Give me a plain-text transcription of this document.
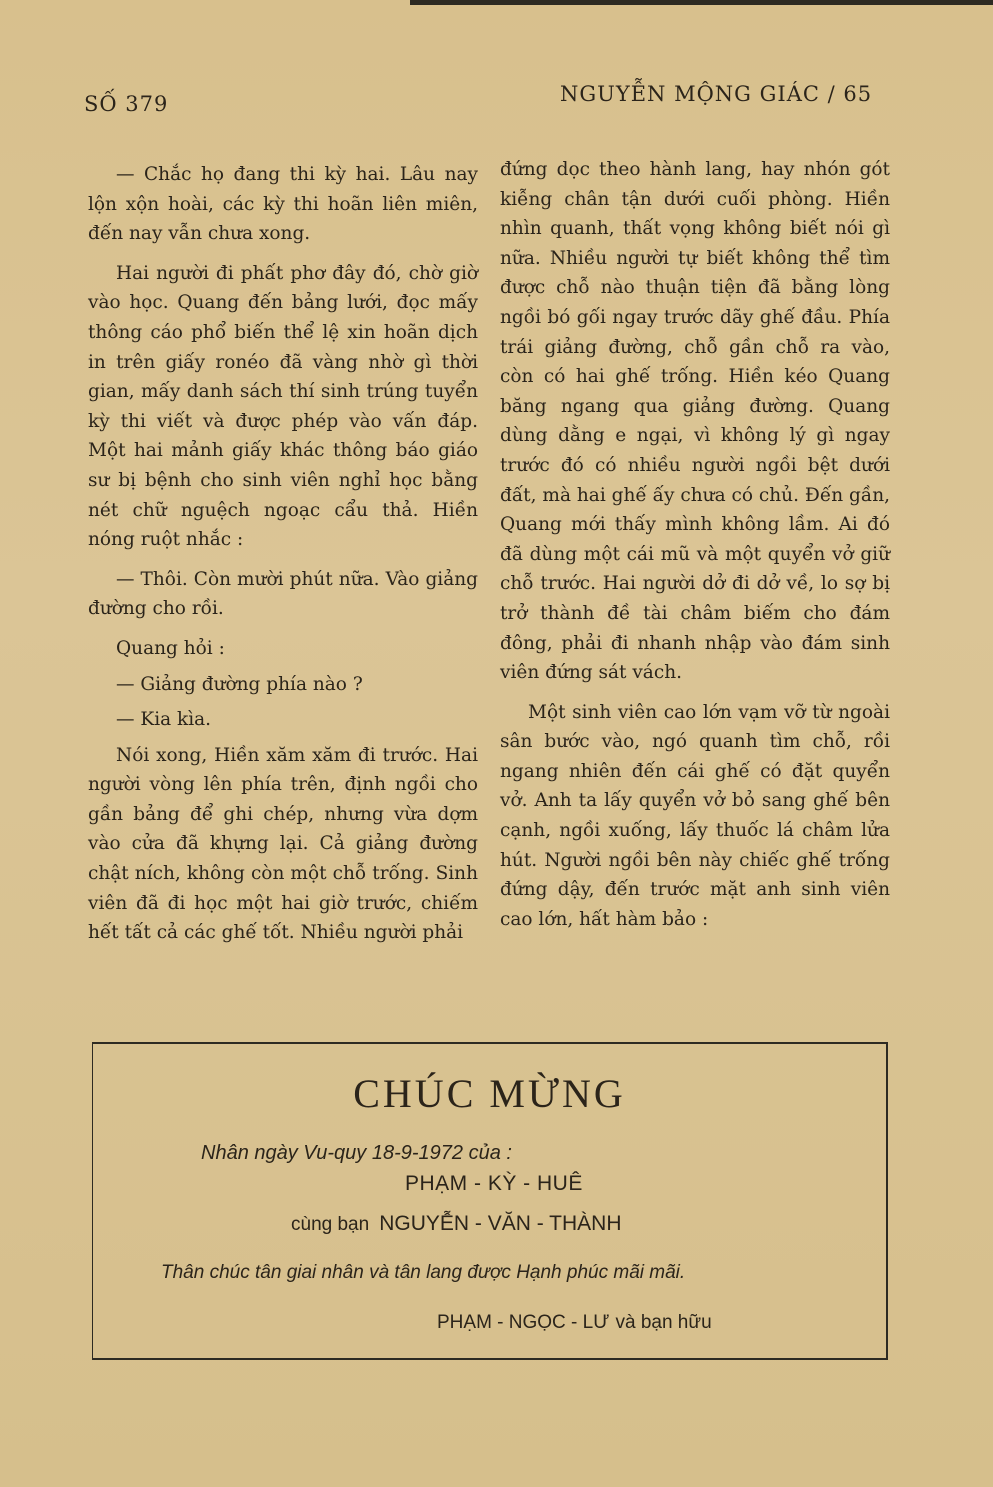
SỐ 379	NGUYỄN MỘNG GIÁC / 65

— Chắc họ đang thi kỳ hai. Lâu nay lộn xộn hoài, các kỳ thi hoãn liên miên, đến nay vẫn chưa xong.

Hai người đi phất phơ đây đó, chờ giờ vào học. Quang đến bảng lưới, đọc mấy thông cáo phổ biến thể lệ xin hoãn dịch in trên giấy ronéo đã vàng nhờ gì thời gian, mấy danh sách thí sinh trúng tuyển kỳ thi viết và được phép vào vấn đáp. Một hai mảnh giấy khác thông báo giáo sư bị bệnh cho sinh viên nghỉ học bằng nét chữ nguệch ngoạc cẩu thả. Hiền nóng ruột nhắc :

— Thôi. Còn mười phút nữa. Vào giảng đường cho rồi.

Quang hỏi :

— Giảng đường phía nào ?

— Kia kìa.

Nói xong, Hiền xăm xăm đi trước. Hai người vòng lên phía trên, định ngồi cho gần bảng để ghi chép, nhưng vừa dợm vào cửa đã khựng lại. Cả giảng đường chật ních, không còn một chỗ trống. Sinh viên đã đi học một hai giờ trước, chiếm hết tất cả các ghế tốt. Nhiều người phải

đứng dọc theo hành lang, hay nhón gót kiễng chân tận dưới cuối phòng. Hiền nhìn quanh, thất vọng không biết nói gì nữa. Nhiều người tự biết không thể tìm được chỗ nào thuận tiện đã bằng lòng ngồi bó gối ngay trước dãy ghế đầu. Phía trái giảng đường, chỗ gần chỗ ra vào, còn có hai ghế trống. Hiền kéo Quang băng ngang qua giảng đường. Quang dùng dằng e ngại, vì không lý gì ngay trước đó có nhiều người ngồi bệt dưới đất, mà hai ghế ấy chưa có chủ. Đến gần, Quang mới thấy mình không lầm. Ai đó đã dùng một cái mũ và một quyển vở giữ chỗ trước. Hai người dở đi dở về, lo sợ bị trở thành đề tài châm biếm cho đám đông, phải đi nhanh nhập vào đám sinh viên đứng sát vách.

Một sinh viên cao lớn vạm vỡ từ ngoài sân bước vào, ngó quanh tìm chỗ, rồi ngang nhiên đến cái ghế có đặt quyển vở. Anh ta lấy quyển vở bỏ sang ghế bên cạnh, ngồi xuống, lấy thuốc lá châm lửa hút. Người ngồi bên này chiếc ghế trống đứng dậy, đến trước mặt anh sinh viên cao lớn, hất hàm bảo :

CHÚC MỪNG
Nhân ngày Vu-quy 18-9-1972 của :
PHẠM - KỲ - HUÊ
cùng bạn NGUYỄN - VĂN - THÀNH
Thân chúc tân giai nhân và tân lang được Hạnh phúc mãi mãi.
PHẠM - NGỌC - LƯ và bạn hữu
